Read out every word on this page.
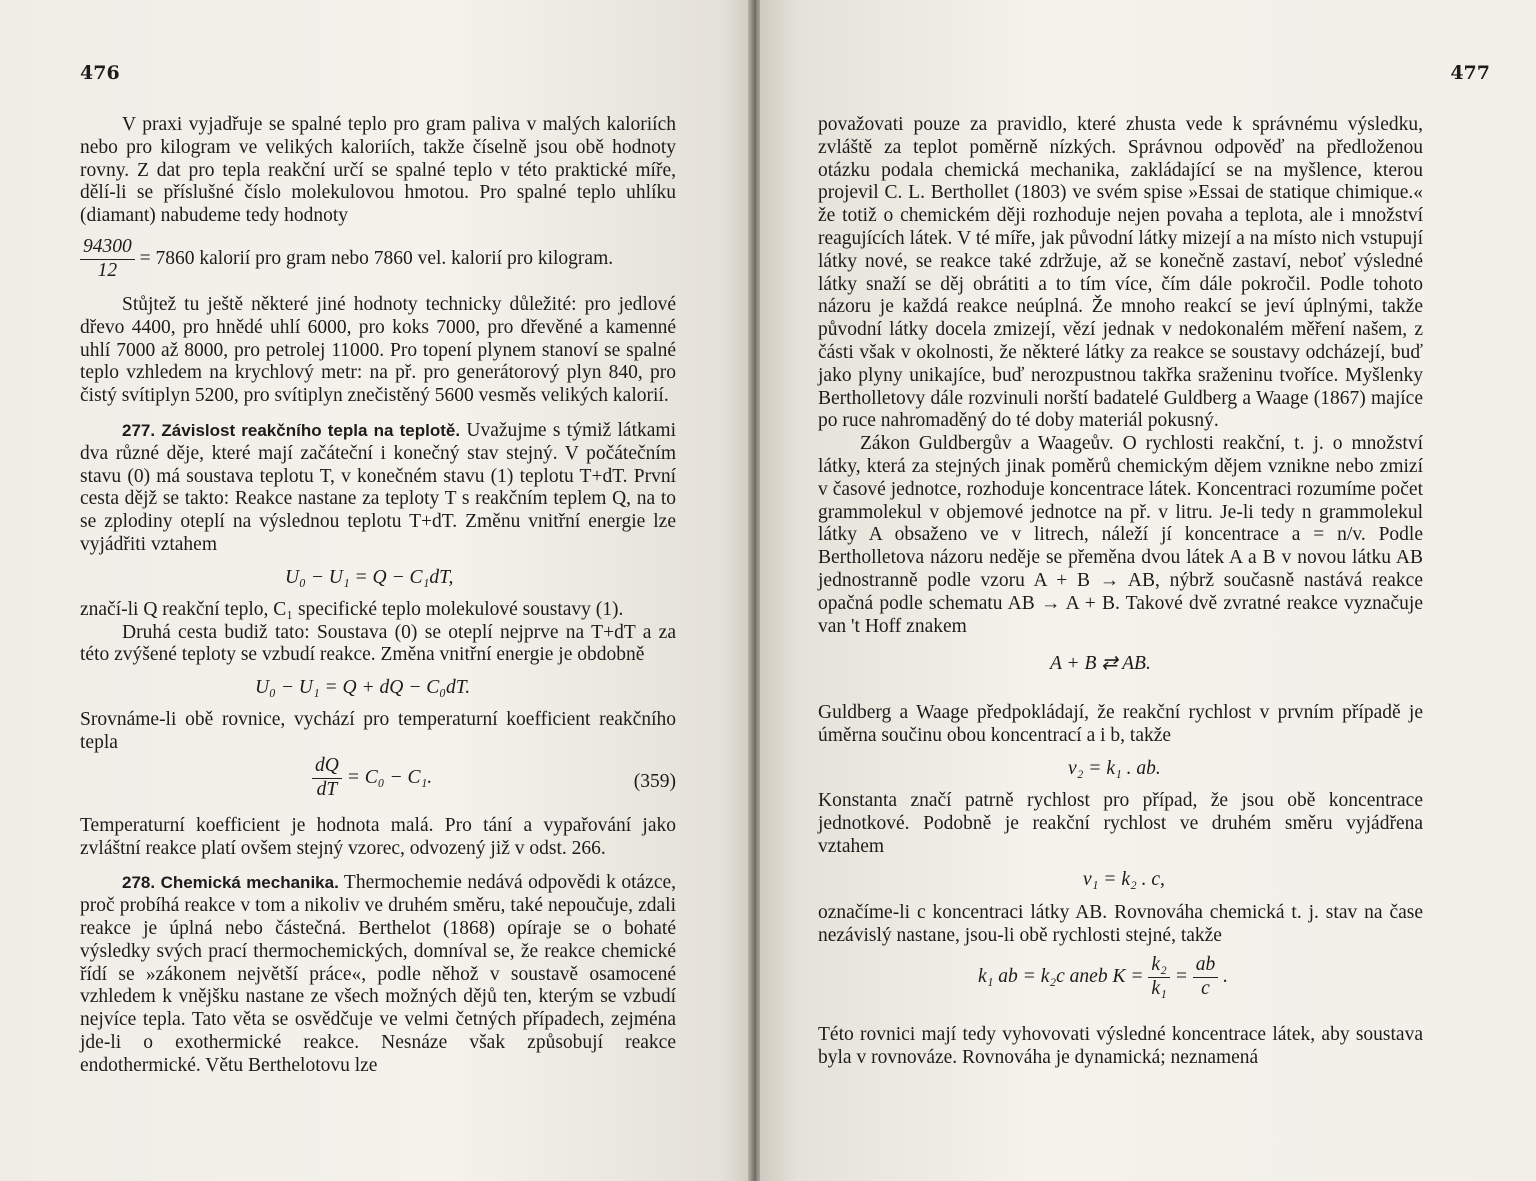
476

V praxi vyjadřuje se spalné teplo pro gram paliva v malých kaloriích nebo pro kilogram ve velikých kaloriích, takže číselně jsou obě hodnoty rovny. Z dat pro tepla reakční určí se spalné teplo v této praktické míře, dělí-li se příslušné číslo molekulovou hmotou. Pro spalné teplo uhlíku (diamant) nabudeme tedy hodnoty

$\frac{94300}{12} = 7860$ kalorií pro gram nebo 7860 vel. kalorií pro kilogram.

Stůjtež tu ještě některé jiné hodnoty technicky důležité: pro jedlové dřevo 4400, pro hnědé uhlí 6000, pro koks 7000, pro dřevěné a kamenné uhlí 7000 až 8000, pro petrolej 11000. Pro topení plynem stanoví se spalné teplo vzhledem na krychlový metr: na př. pro generátorový plyn 840, pro čistý svítiplyn 5200, pro svítiplyn znečistěný 5600 vesměs velikých kalorií.

277. Závislost reakčního tepla na teplotě. Uvažujme s týmiž látkami dva různé děje, které mají začáteční i konečný stav stejný. V počátečním stavu (0) má soustava teplotu T, v konečném stavu (1) teplotu T+dT. První cesta dějž se takto: Reakce nastane za teploty T s reakčním teplem Q, na to se zplodiny oteplí na výslednou teplotu T+dT. Změnu vnitřní energie lze vyjádřiti vztahem

U₀ − U₁ = Q − C₁dT,

značí-li Q reakční teplo, C₁ specifické teplo molekulové soustavy (1).

Druhá cesta budiž tato: Soustava (0) se oteplí nejprve na T+dT a za této zvýšené teploty se vzbudí reakce. Změna vnitřní energie je obdobně

U₀ − U₁ = Q + dQ − C₀dT.

Srovnáme-li obě rovnice, vychází pro temperaturní koefficient reakčního tepla

$\frac{dQ}{dT} = C_0 - C_1$.	(359)

Temperaturní koefficient je hodnota malá. Pro tání a vypařování jako zvláštní reakce platí ovšem stejný vzorec, odvozený již v odst. 266.

278. Chemická mechanika. Thermochemie nedává odpovědi k otázce, proč probíhá reakce v tom a nikoliv ve druhém směru, také nepoučuje, zdali reakce je úplná nebo částečná. Berthelot (1868) opíraje se o bohaté výsledky svých prací thermochemických, domníval se, že reakce chemické řídí se »zákonem největší práce«, podle něhož v soustavě osamocené vzhledem k vnějšku nastane ze všech možných dějů ten, kterým se vzbudí nejvíce tepla. Tato věta se osvědčuje ve velmi četných případech, zejména jde-li o exothermické reakce. Nesnáze však způsobují reakce endothermické. Větu Berthelotovu lze

477

považovati pouze za pravidlo, které zhusta vede k správnému výsledku, zvláště za teplot poměrně nízkých. Správnou odpověď na předloženou otázku podala chemická mechanika, zakládající se na myšlence, kterou projevil C. L. Berthollet (1803) ve svém spise »Essai de statique chimique.« že totiž o chemickém ději rozhoduje nejen povaha a teplota, ale i množství reagujících látek. V té míře, jak původní látky mizejí a na místo nich vstupují látky nové, se reakce také zdržuje, až se konečně zastaví, neboť výsledné látky snaží se děj obrátiti a to tím více, čím dále pokročil. Podle tohoto názoru je každá reakce neúplná. Že mnoho reakcí se jeví úplnými, takže původní látky docela zmizejí, vězí jednak v nedokonalém měření našem, z části však v okolnosti, že některé látky za reakce se soustavy odcházejí, buď jako plyny unikajíce, buď nerozpustnou takřka sraženinu tvoříce. Myšlenky Bertholletovy dále rozvinuli norští badatelé Guldberg a Waage (1867) majíce po ruce nahromaděný do té doby materiál pokusný.

Zákon Guldbergův a Waageův. O rychlosti reakční, t. j. o množství látky, která za stejných jinak poměrů chemickým dějem vznikne nebo zmizí v časové jednotce, rozhoduje koncentrace látek. Koncentraci rozumíme počet grammolekul v objemové jednotce na př. v litru. Je-li tedy n grammolekul látky A obsaženo ve v litrech, náleží jí koncentrace a = n/v. Podle Bertholletova názoru neděje se přeměna dvou látek A a B v novou látku AB jednostranně podle vzoru A + B → AB, nýbrž současně nastává reakce opačná podle schematu AB → A + B. Takové dvě zvratné reakce vyznačuje van 't Hoff znakem

A + B ⇄ AB.

Guldberg a Waage předpokládají, že reakční rychlost v prvním případě je úměrna součinu obou koncentrací a i b, takže

v₂ = k₁ . ab.

Konstanta značí patrně rychlost pro případ, že jsou obě koncentrace jednotkové. Podobně je reakční rychlost ve druhém směru vyjádřena vztahem

v₁ = k₂ . c,

označíme-li c koncentraci látky AB. Rovnováha chemická t. j. stav na čase nezávislý nastane, jsou-li obě rychlosti stejné, takže

k₁ ab = k₂c aneb $K = \frac{\text{k₂}}{\text{k₁}} = \frac{ab}{c}$ .

Této rovnici mají tedy vyhovovati výsledné koncentrace látek, aby soustava byla v rovnováze. Rovnováha je dynamická; neznamená
